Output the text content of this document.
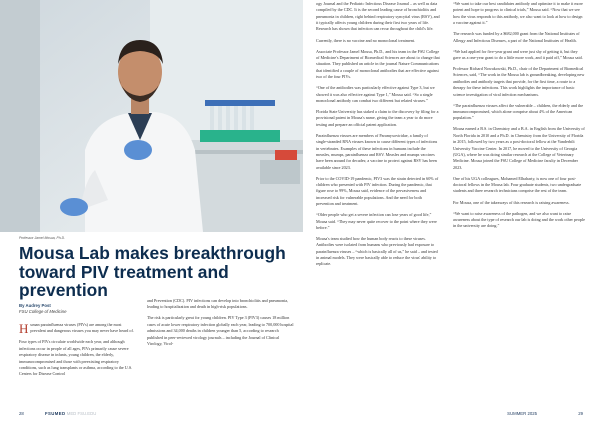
Professor Jamel Mosua, Ph.D.
Mousa Lab makes breakthrough toward PIV treatment and prevention
By Audrey Post
FSU College of Medicine

Human parainfluenza viruses (PIVs) are among the most prevalent and dangerous viruses you may never have heard of.

Four types of PIVs circulate worldwide each year, and although infections occur in people of all ages, PIVs primarily cause severe respiratory disease in infants, young children, the elderly, immunocompromised and those with preexisting respiratory conditions, such as lung transplants or asthma, according to the U.S. Centers for Disease Control

and Prevention (CDC). PIV infections can develop into bronchiolitis and pneumonia, leading to hospitalization and death in high-risk populations.

The risk is particularly great for young children. PIV Type 3 (PIV3) causes 18 million cases of acute lower respiratory infection globally each year, leading to 700,000 hospital admissions and 34,000 deaths in children younger than 5, according to research published in peer-reviewed virology journals – including the Journal of Clinical Virology, Virol-

ogy Journal and the Pediatric Infectious Disease Journal – as well as data compiled by the CDC. It is the second leading cause of bronchiolitis and pneumonia in children, right behind respiratory syncytial virus (RSV), and it typically affects young children during their first two years of life. Research has shown that infection can recur throughout the child's life.

Currently, there is no vaccine and no monoclonal treatment.

Associate Professor Jamel Mousa, Ph.D., and his team in the FSU College of Medicine's Department of Biomedical Sciences are about to change that situation. They published an article in the journal Nature Communications that identified a couple of monoclonal antibodies that are effective against two of the four PIVs.

“One of the antibodies was particularly effective against Type 3, but we showed it was also effective against Type 1,” Mousa said. “So a single monoclonal antibody can combat two different but related viruses.”

Florida State University has staked a claim to the discovery by filing for a provisional patent in Mousa's name, giving the team a year to do more testing and prepare an official patent application.

Parainfluenza viruses are members of Paramyxoviridae, a family of single-stranded RNA viruses known to cause different types of infections in vertebrates. Examples of these infections in humans include the measles, mumps, parainfluenza and RSV. Measles and mumps vaccines have been around for decades; a vaccine to protect against RSV has been available since 2023.

Prior to the COVID-19 pandemic, PIV3 was the strain detected in 60% of children who presented with PIV infection. During the pandemic, that figure rose to 99%, Mousa said, evidence of the pervasiveness and increased risk for vulnerable populations. And the need for both prevention and treatment.

“Older people who get a severe infection can lose years of good life,” Mousa said. “They may never quite recover to the point where they were before.”

Mousa's team studied how the human body reacts to these viruses. Antibodies were isolated from humans who previously had exposure to parainfluenza viruses – “which is basically all of us,” he said – and tested in animal models. They were basically able to reduce the virus' ability to replicate.

“We want to take our best candidates antibody and optimize it to make it more potent and hope to progress to clinical trials,” Mousa said. “Now that we see how the virus responds to this antibody, we also want to look at how to design a vaccine against it.”

The research was funded by a $682,000 grant from the National Institutes of Allergy and Infectious Diseases, a part of the National Institutes of Health.

“We had applied for five-year grant and were just shy of getting it, but they gave us a one-year grant to do a little more work, and it paid off,” Mousa said.

Professor Richard Nowakowski, Ph.D., chair of the Department of Biomedical Sciences, said, “The work in the Mousa lab is groundbreaking, developing new antibodies and antibody targets that provide, for the first time, a route to a therapy for these infections. This work highlights the importance of basic science investigation of viral infection mechanisms.

“The parainfluenza viruses affect the vulnerable – children, the elderly and the immunocompromised, which alone comprise about 4% of the American population.”

Mousa earned a B.S. in Chemistry and a B.A. in English from the University of North Florida in 2010 and a Ph.D. in Chemistry from the University of Florida in 2015, followed by two years as a post-doctoral fellow at the Vanderbilt University Vaccine Center. In 2017, he moved to the University of Georgia (UGA), where he was doing similar research at the College of Veterinary Medicine. Mousa joined the FSU College of Medicine faculty in December 2023.

One of his UGA colleagues, Mohamed Elbaharty, is now one of four post-doctoral fellows in the Mousa lab. Four graduate students, two undergraduate students and three research technicians comprise the rest of the team.

For Mousa, one of the takeaways of this research is raising awareness.

“We want to raise awareness of the pathogen, and we also want to raise awareness about the type of research our lab is doing and the work other people in the university are doing.”

28	FSUMED MED FSU.EDU	SUMMER 2025	29
